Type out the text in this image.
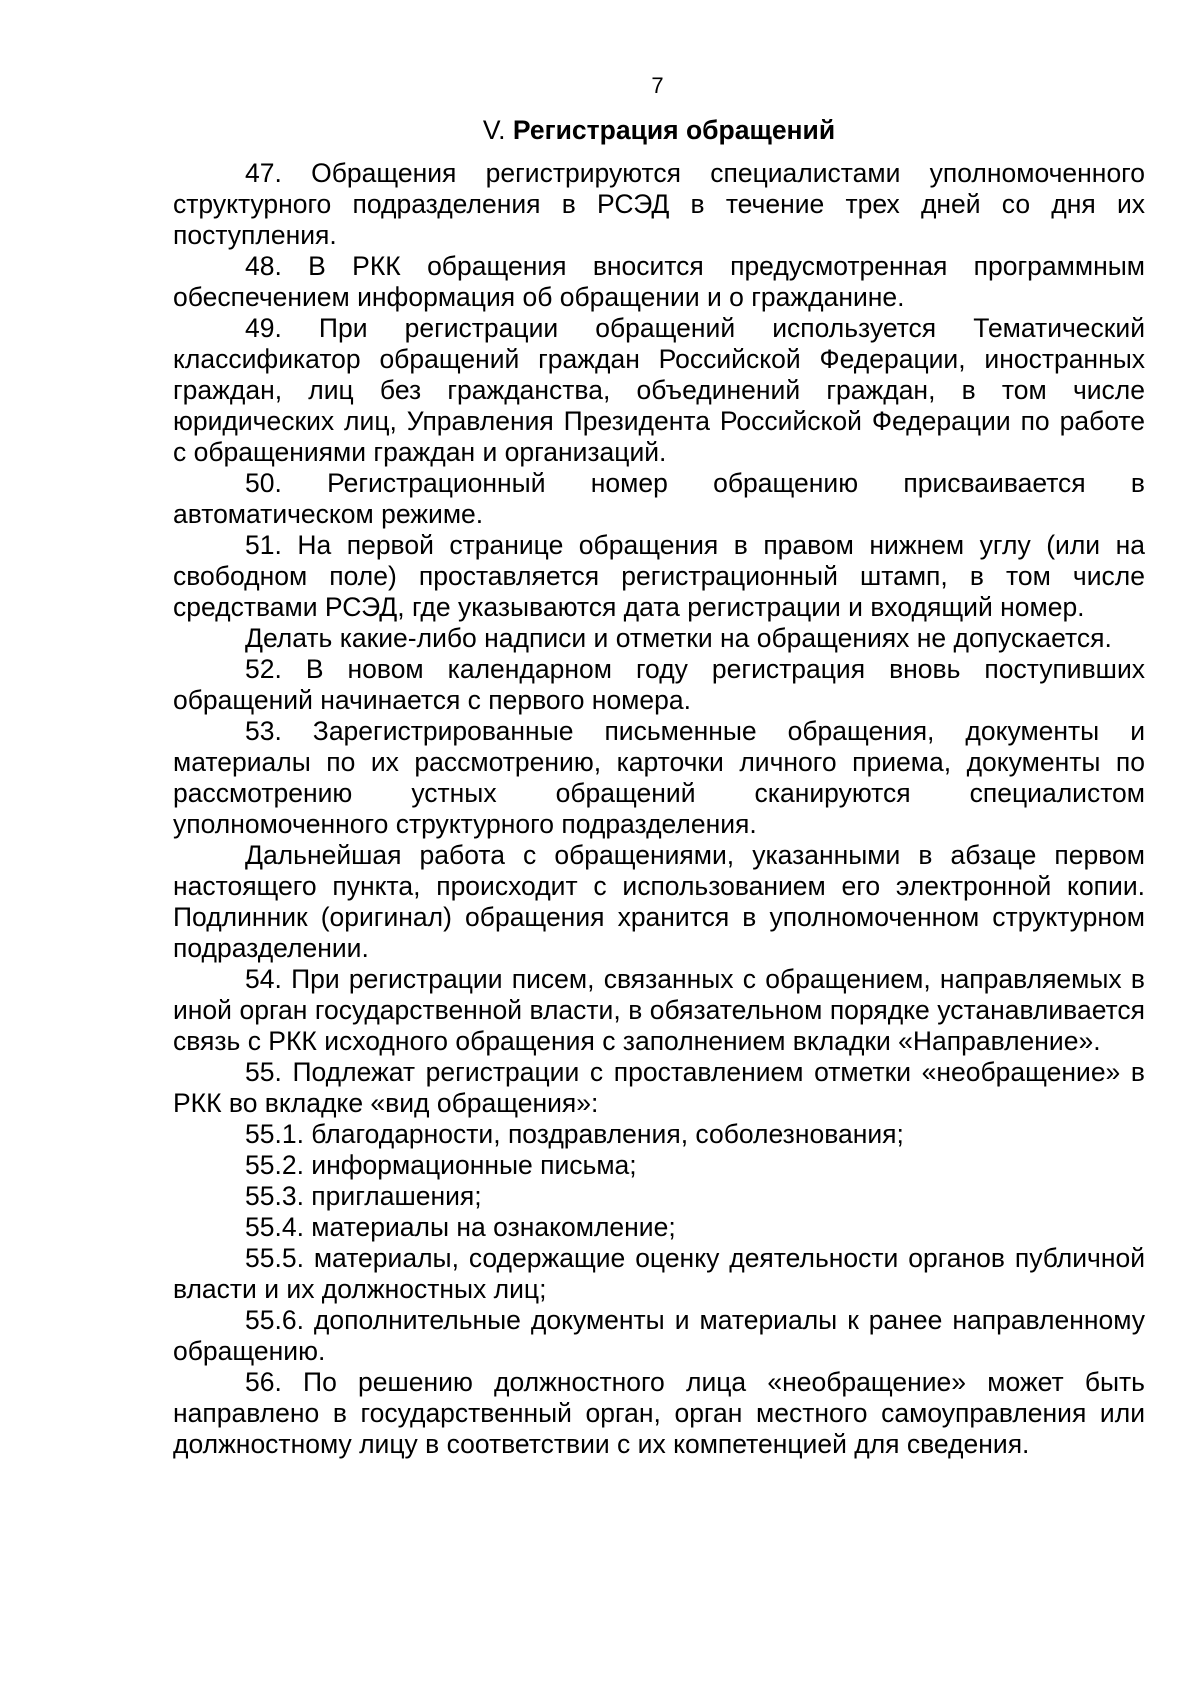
7
V. Регистрация обращений

47. Обращения регистрируются специалистами уполномоченного структурного подразделения в РСЭД в течение трех дней со дня их поступления.

48. В РКК обращения вносится предусмотренная программным обеспечением информация об обращении и о гражданине.

49. При регистрации обращений используется Тематический классификатор обращений граждан Российской Федерации, иностранных граждан, лиц без гражданства, объединений граждан, в том числе юридических лиц, Управления Президента Российской Федерации по работе с обращениями граждан и организаций.

50. Регистрационный номер обращению присваивается в автоматическом режиме.

51. На первой странице обращения в правом нижнем углу (или на свободном поле) проставляется регистрационный штамп, в том числе средствами РСЭД, где указываются дата регистрации и входящий номер.

Делать какие-либо надписи и отметки на обращениях не допускается.

52. В новом календарном году регистрация вновь поступивших обращений начинается с первого номера.

53. Зарегистрированные письменные обращения, документы и материалы по их рассмотрению, карточки личного приема, документы по рассмотрению устных обращений сканируются специалистом уполномоченного структурного подразделения.

Дальнейшая работа с обращениями, указанными в абзаце первом настоящего пункта, происходит с использованием его электронной копии. Подлинник (оригинал) обращения хранится в уполномоченном структурном подразделении.

54. При регистрации писем, связанных с обращением, направляемых в иной орган государственной власти, в обязательном порядке устанавливается связь с РКК исходного обращения с заполнением вкладки «Направление».

55. Подлежат регистрации с проставлением отметки «необращение» в РКК во вкладке «вид обращения»:

55.1. благодарности, поздравления, соболезнования;

55.2. информационные письма;

55.3. приглашения;

55.4. материалы на ознакомление;

55.5. материалы, содержащие оценку деятельности органов публичной власти и их должностных лиц;

55.6. дополнительные документы и материалы к ранее направленному обращению.

56. По решению должностного лица «необращение» может быть направлено в государственный орган, орган местного самоуправления или должностному лицу в соответствии с их компетенцией для сведения.
